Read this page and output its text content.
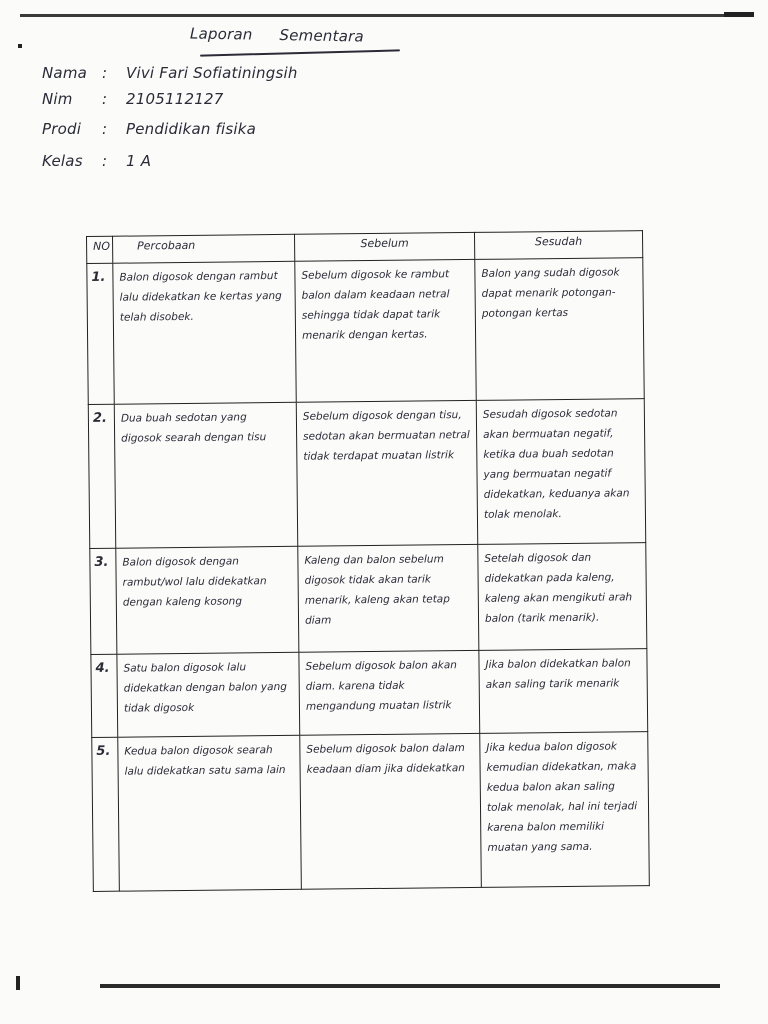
Laporan Sementara
Nama :	Vivi Fari Sofiatiningsih
Nim	:	2105112127
Prodi	:	Pendidikan fisika
Kelas	:	1 A
NO	Percobaan	Sebelum	Sesudah
1.	Balon digosok dengan rambut lalu didekatkan ke kertas yang telah disobek.	Sebelum digosok ke rambut balon dalam keadaan netral sehingga tidak dapat tarik menarik dengan kertas.	Balon yang sudah digosok dapat menarik potongan-potongan kertas
2.	Dua buah sedotan yang digosok searah dengan tisu	Sebelum digosok dengan tisu, sedotan akan bermuatan netral tidak terdapat muatan listrik	Sesudah digosok sedotan akan bermuatan negatif, ketika dua buah sedotan yang bermuatan negatif didekatkan, keduanya akan tolak menolak.
3.	Balon digosok dengan rambut/wol lalu didekatkan dengan kaleng kosong	Kaleng dan balon sebelum digosok tidak akan tarik menarik, kaleng akan tetap diam	Setelah digosok dan didekatkan pada kaleng, kaleng akan mengikuti arah balon (tarik menarik).
4.	Satu balon digosok lalu didekatkan dengan balon yang tidak digosok	Sebelum digosok balon akan diam. karena tidak mengandung muatan listrik	Jika balon didekatkan balon akan saling tarik menarik
5.	Kedua balon digosok searah lalu didekatkan satu sama lain	Sebelum digosok balon dalam keadaan diam jika didekatkan	Jika kedua balon digosok kemudian didekatkan, maka kedua balon akan saling tolak menolak, hal ini terjadi karena balon memiliki muatan yang sama.
